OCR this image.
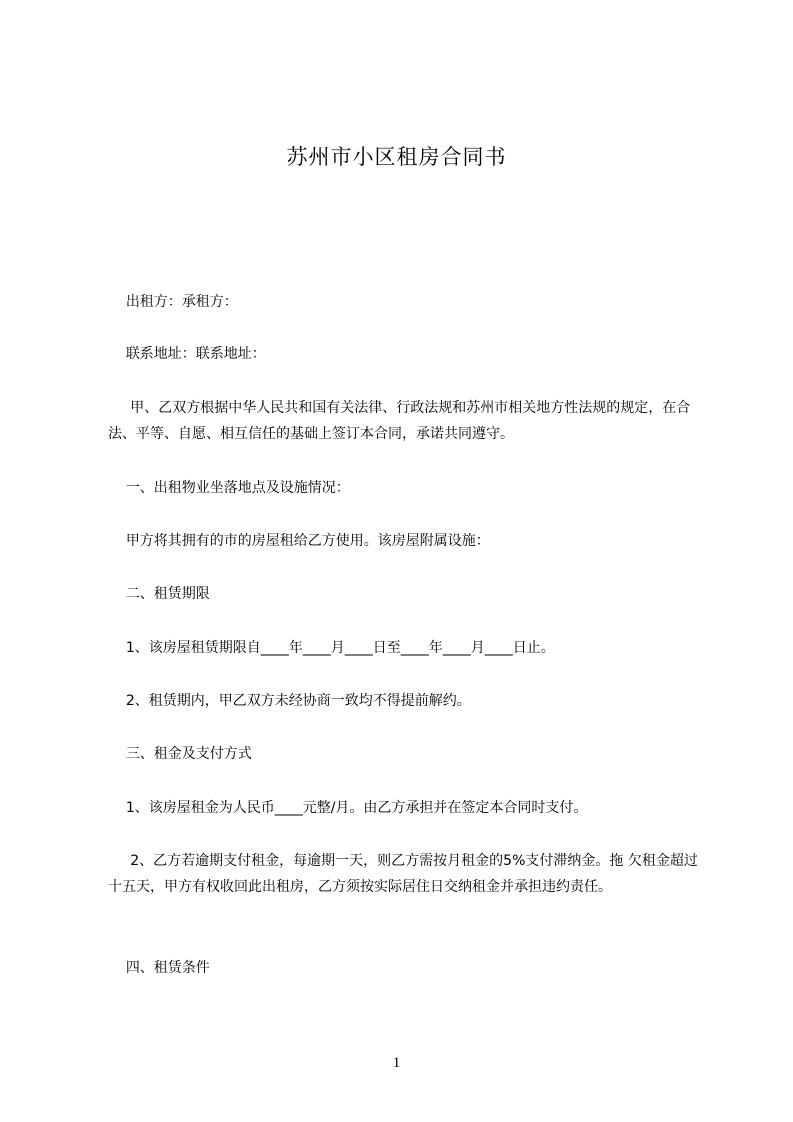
苏州市小区租房合同书
出租方：承租方：
联系地址：联系地址：
甲、乙双方根据中华人民共和国有关法律、行政法规和苏州市相关地方性法规的规定，在合法、平等、自愿、相互信任的基础上签订本合同，承诺共同遵守。
一、出租物业坐落地点及设施情况：
甲方将其拥有的市的房屋租给乙方使用。该房屋附属设施：
二、租赁期限
1、该房屋租赁期限自____年____月____日至____年____月____日止。
2、租赁期内，甲乙双方未经协商一致均不得提前解约。
三、租金及支付方式
1、该房屋租金为人民币____元整/月。由乙方承担并在签定本合同时支付。
2、乙方若逾期支付租金，每逾期一天，则乙方需按月租金的5%支付滞纳金。拖 欠租金超过十五天，甲方有权收回此出租房，乙方须按实际居住日交纳租金并承担违约责任。
四、租赁条件
1
